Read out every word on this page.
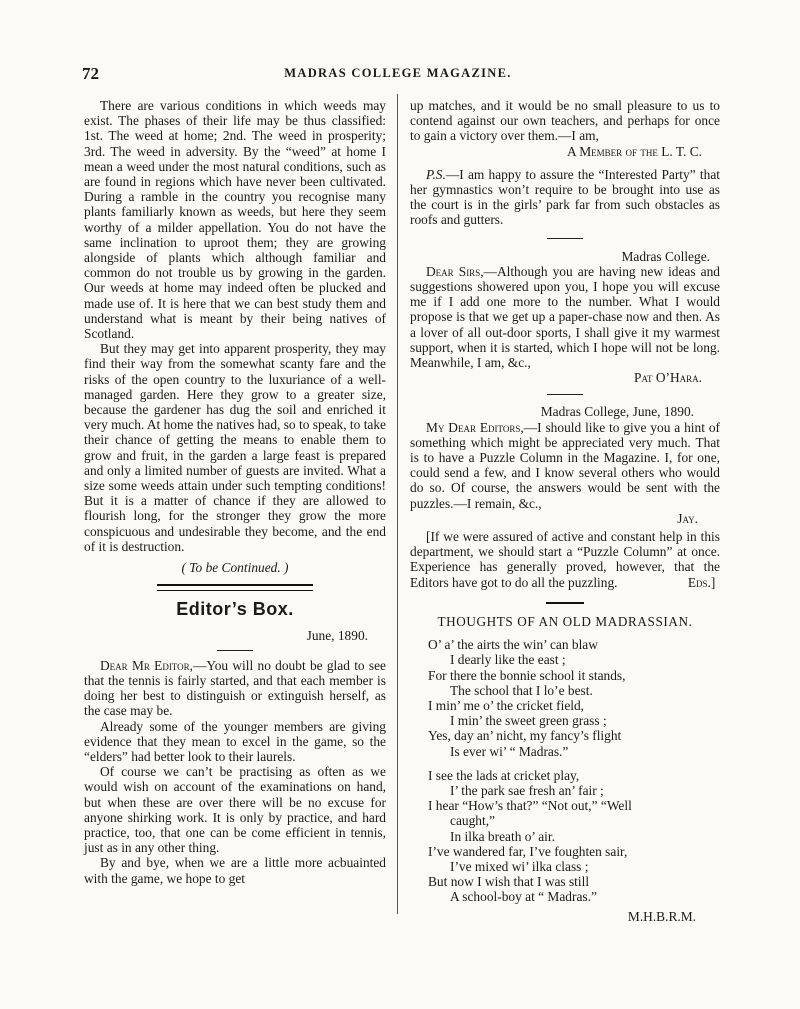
72	MADRAS COLLEGE MAGAZINE.

There are various conditions in which weeds may exist. The phases of their life may be thus classified: 1st. The weed at home; 2nd. The weed in prosperity; 3rd. The weed in adversity. By the “weed” at home I mean a weed under the most natural conditions, such as are found in regions which have never been cultivated. During a ramble in the country you recognise many plants familiarly known as weeds, but here they seem worthy of a milder appellation. You do not have the same inclination to uproot them; they are growing alongside of plants which although familiar and common do not trouble us by growing in the garden. Our weeds at home may indeed often be plucked and made use of. It is here that we can best study them and understand what is meant by their being natives of Scotland.

But they may get into apparent prosperity, they may find their way from the somewhat scanty fare and the risks of the open country to the luxuriance of a well-managed garden. Here they grow to a greater size, because the gardener has dug the soil and enriched it very much. At home the natives had, so to speak, to take their chance of getting the means to enable them to grow and fruit, in the garden a large feast is prepared and only a limited number of guests are invited. What a size some weeds attain under such tempting conditions! But it is a matter of chance if they are allowed to flourish long, for the stronger they grow the more conspicuous and undesirable they become, and the end of it is destruction.

( To be Continued. )
Editor’s Box.

June, 1890.

Dear Mr Editor,—You will no doubt be glad to see that the tennis is fairly started, and that each member is doing her best to distinguish or extinguish herself, as the case may be.

Already some of the younger members are giving evidence that they mean to excel in the game, so the “elders” had better look to their laurels.

Of course we can’t be practising as often as we would wish on account of the examinations on hand, but when these are over there will be no excuse for anyone shirking work. It is only by practice, and hard practice, too, that one can be come efficient in tennis, just as in any other thing.

By and bye, when we are a little more acbuainted with the game, we hope to get

up matches, and it would be no small pleasure to us to contend against our own teachers, and perhaps for once to gain a victory over them.—I am,

A Member of the L. T. C.

P.S.—I am happy to assure the “Interested Party” that her gymnastics won’t require to be brought into use as the court is in the girls’ park far from such obstacles as roofs and gutters.

Madras College.

Dear Sirs,—Although you are having new ideas and suggestions showered upon you, I hope you will excuse me if I add one more to the number. What I would propose is that we get up a paper-chase now and then. As a lover of all out-door sports, I shall give it my warmest support, when it is started, which I hope will not be long. Meanwhile, I am, &c.,

Pat O’Hara.

Madras College, June, 1890.

My Dear Editors,—I should like to give you a hint of something which might be appreciated very much. That is to have a Puzzle Column in the Magazine. I, for one, could send a few, and I know several others who would do so. Of course, the answers would be sent with the puzzles.—I remain, &c.,

Jay.

[If we were assured of active and constant help in this department, we should start a “Puzzle Column” at once. Experience has generally proved, however, that the Editors have got to do all the puzzling.	Eds.]

THOUGHTS OF AN OLD MADRASSIAN.
O’ a’ the airts the win’ can blaw
I dearly like the east ;
For there the bonnie school it stands,
The school that I lo’e best.
I min’ me o’ the cricket field,
I min’ the sweet green grass ;
Yes, day an’ nicht, my fancy’s flight
Is ever wi’ “ Madras.”
I see the lads at cricket play,
I’ the park sae fresh an’ fair ;
I hear “How’s that?” “Not out,” “Well
caught,”
In ilka breath o’ air.
I’ve wandered far, I’ve foughten sair,
I’ve mixed wi’ ilka class ;
But now I wish that I was still
A school-boy at “ Madras.”

M.H.B.R.M.
